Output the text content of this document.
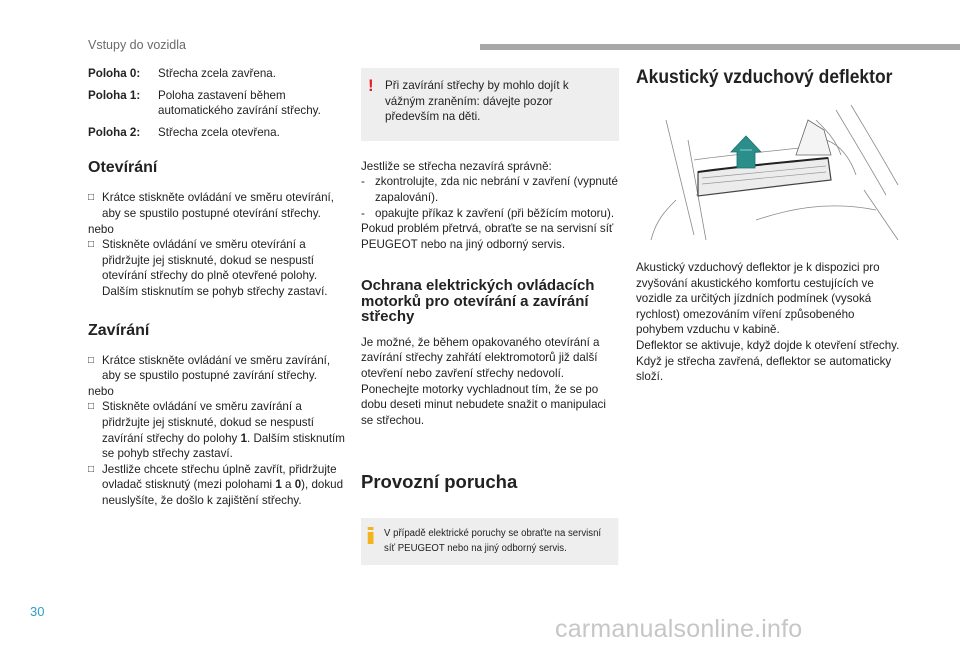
Vstupy do vozidla
Poloha 0:	Střecha zcela zavřena.
Poloha 1:	Poloha zastavení během automatického zavírání střechy.
Poloha 2:	Střecha zcela otevřena.
Otevírání
□ Krátce stiskněte ovládání ve směru otevírání, aby se spustilo postupné otevírání střechy.

nebo

□ Stiskněte ovládání ve směru otevírání a přidržujte jej stisknuté, dokud se nespustí otevírání střechy do plně otevřené polohy. Dalším stisknutím se pohyb střechy zastaví.
Zavírání
□ Krátce stiskněte ovládání ve směru zavírání, aby se spustilo postupné zavírání střechy.

nebo

□ Stiskněte ovládání ve směru zavírání a přidržujte jej stisknuté, dokud se nespustí zavírání střechy do polohy 1. Dalším stisknutím se pohyb střechy zastaví.
□ Jestliže chcete střechu úplně zavřít, přidržujte ovladač stisknutý (mezi polohami 1 a 0), dokud neuslyšíte, že došlo k zajištění střechy.
! Při zavírání střechy by mohlo dojít k vážným zraněním: dávejte pozor především na děti.

Jestliže se střecha nezavírá správně:

- zkontrolujte, zda nic nebrání v zavření (vypnuté zapalování).
- opakujte příkaz k zavření (při běžícím motoru).

Pokud problém přetrvá, obraťte se na servisní síť PEUGEOT nebo na jiný odborný servis.

Ochrana elektrických ovládacích motorků pro otevírání a zavírání střechy

Je možné, že během opakovaného otevírání a zavírání střechy zahřátí elektromotorů již další otevření nebo zavření střechy nedovolí. Ponechejte motorky vychladnout tím, že se po dobu deseti minut nebudete snažit o manipulaci se střechou.

Provozní porucha

V případě elektrické poruchy se obraťte na servisní síť PEUGEOT nebo na jiný odborný servis.

Akustický vzduchový deflektor

Akustický vzduchový deflektor je k dispozici pro zvyšování akustického komfortu cestujících ve vozidle za určitých jízdních podmínek (vysoká rychlost) omezováním víření způsobeného pohybem vzduchu v kabině.

Deflektor se aktivuje, když dojde k otevření střechy.

Když je střecha zavřená, deflektor se automaticky složí.

30
carmanualsonline.info
